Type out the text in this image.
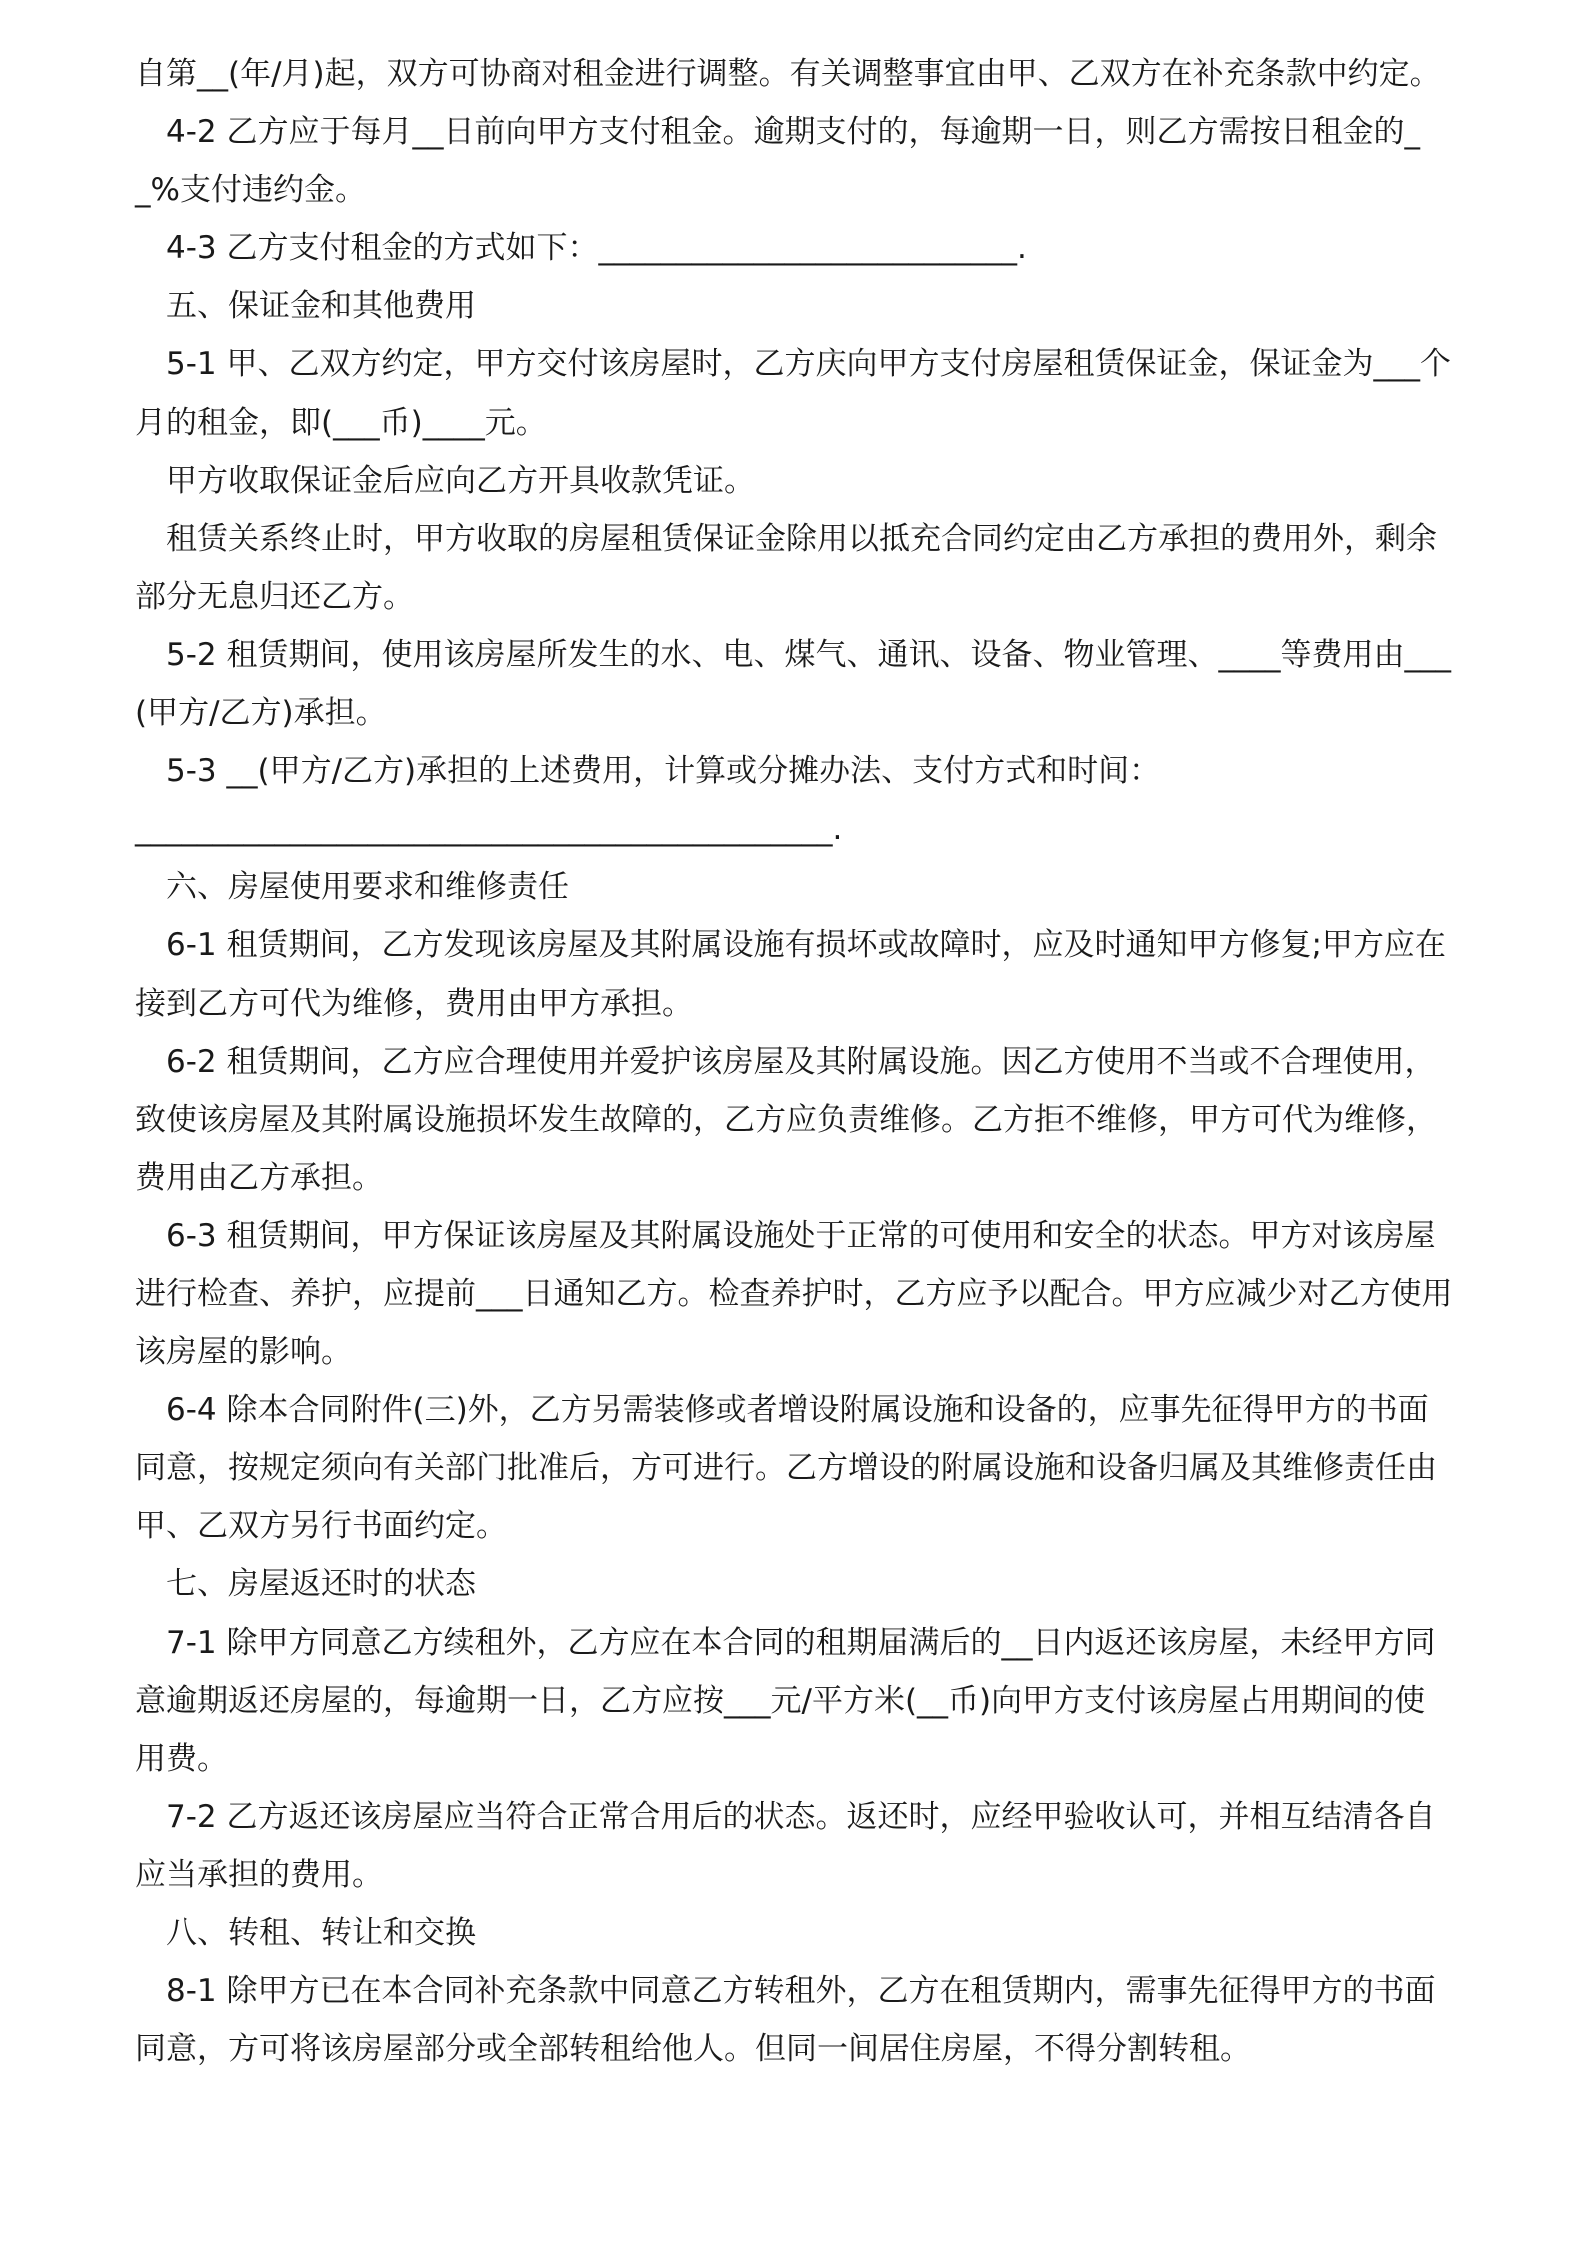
自第__(年/月)起，双方可协商对租金进行调整。有关调整事宜由甲、乙双方在补充条款中约定。

4-2 乙方应于每月__日前向甲方支付租金。逾期支付的，每逾期一日，则乙方需按日租金的__%支付违约金。

4-3 乙方支付租金的方式如下：___________________________.

五、保证金和其他费用

5-1 甲、乙双方约定，甲方交付该房屋时，乙方庆向甲方支付房屋租赁保证金，保证金为___个月的租金，即(___币)____元。

甲方收取保证金后应向乙方开具收款凭证。

租赁关系终止时，甲方收取的房屋租赁保证金除用以抵充合同约定由乙方承担的费用外，剩余部分无息归还乙方。

5-2 租赁期间，使用该房屋所发生的水、电、煤气、通讯、设备、物业管理、____等费用由___(甲方/乙方)承担。

5-3 __(甲方/乙方)承担的上述费用，计算或分摊办法、支付方式和时间：

_____________________________________________.

六、房屋使用要求和维修责任

6-1 租赁期间，乙方发现该房屋及其附属设施有损坏或故障时，应及时通知甲方修复;甲方应在接到乙方可代为维修，费用由甲方承担。

6-2 租赁期间，乙方应合理使用并爱护该房屋及其附属设施。因乙方使用不当或不合理使用，致使该房屋及其附属设施损坏发生故障的，乙方应负责维修。乙方拒不维修，甲方可代为维修，费用由乙方承担。

6-3 租赁期间，甲方保证该房屋及其附属设施处于正常的可使用和安全的状态。甲方对该房屋进行检查、养护，应提前___日通知乙方。检查养护时，乙方应予以配合。甲方应减少对乙方使用该房屋的影响。

6-4 除本合同附件(三)外，乙方另需装修或者增设附属设施和设备的，应事先征得甲方的书面同意，按规定须向有关部门批准后，方可进行。乙方增设的附属设施和设备归属及其维修责任由甲、乙双方另行书面约定。

七、房屋返还时的状态

7-1 除甲方同意乙方续租外，乙方应在本合同的租期届满后的__日内返还该房屋，未经甲方同意逾期返还房屋的，每逾期一日，乙方应按___元/平方米(__币)向甲方支付该房屋占用期间的使用费。

7-2 乙方返还该房屋应当符合正常合用后的状态。返还时，应经甲验收认可，并相互结清各自应当承担的费用。

八、转租、转让和交换

8-1 除甲方已在本合同补充条款中同意乙方转租外，乙方在租赁期内，需事先征得甲方的书面同意，方可将该房屋部分或全部转租给他人。但同一间居住房屋，不得分割转租。
